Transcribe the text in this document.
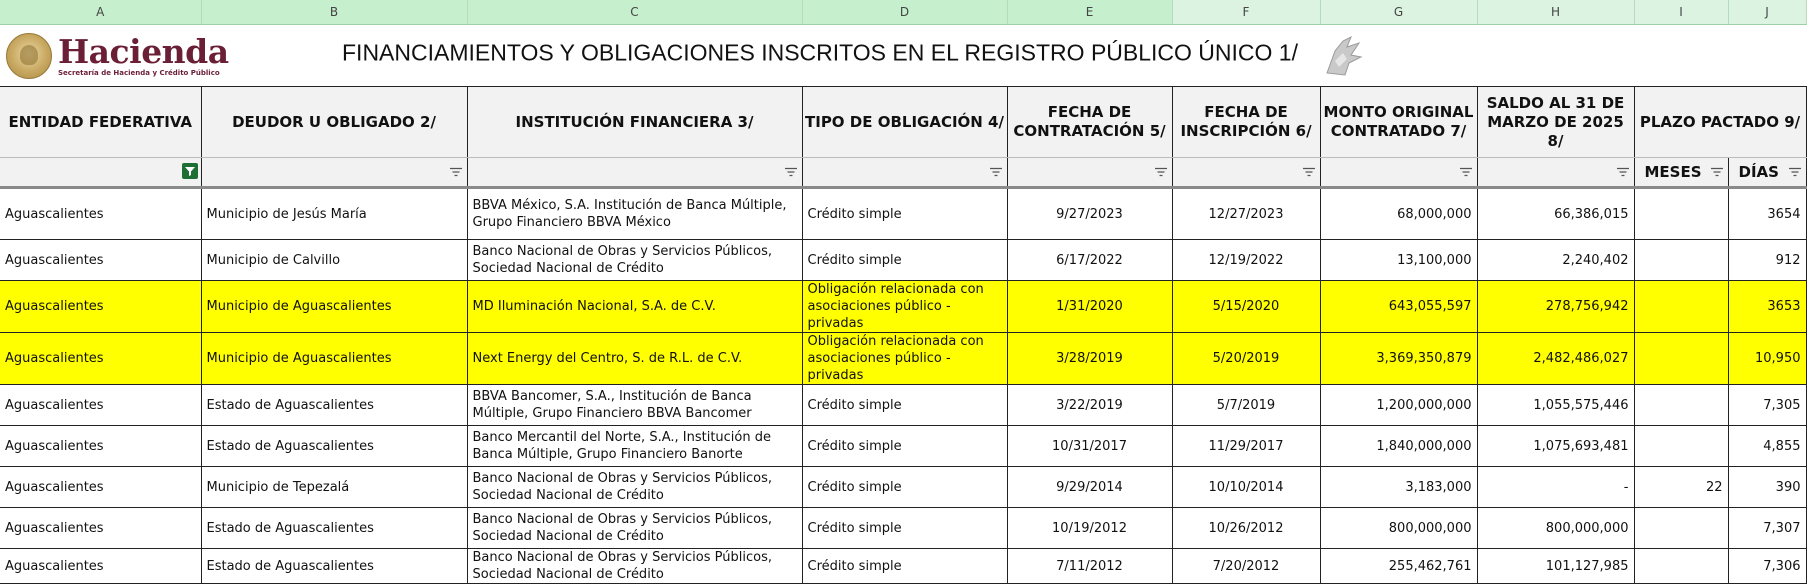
A	B	C	D	E	F	G	H	I	J

Hacienda
Secretaría de Hacienda y Crédito Público		FINANCIAMIENTOS Y OBLIGACIONES INSCRITOS EN EL REGISTRO PÚBLICO ÚNICO 1/							
ENTIDAD FEDERATIVA	DEUDOR U OBLIGADO 2/	INSTITUCIÓN FINANCIERA 3/	TIPO DE OBLIGACIÓN 4/	FECHA DE CONTRATACIÓN 5/	FECHA DE INSCRIPCIÓN 6/	MONTO ORIGINAL CONTRATADO 7/	SALDO AL 31 DE MARZO DE 2025 8/	PLAZO PACTADO 9/	

	MESES	DÍAS

Aguascalientes	Municipio de Jesús María	BBVA México, S.A. Institución de Banca Múltiple, Grupo Financiero BBVA México	Crédito simple	9/27/2023	12/27/2023	68,000,000	66,386,015		3654
Aguascalientes	Municipio de Calvillo	Banco Nacional de Obras y Servicios Públicos, Sociedad Nacional de Crédito	Crédito simple	6/17/2022	12/19/2022	13,100,000	2,240,402		912
Aguascalientes	Municipio de Aguascalientes	MD Iluminación Nacional, S.A. de C.V.	Obligación relacionada con asociaciones público - privadas	1/31/2020	5/15/2020	643,055,597	278,756,942		3653
Aguascalientes	Municipio de Aguascalientes	Next Energy del Centro, S. de R.L. de C.V.	Obligación relacionada con asociaciones público - privadas	3/28/2019	5/20/2019	3,369,350,879	2,482,486,027		10,950
Aguascalientes	Estado de Aguascalientes	BBVA Bancomer, S.A., Institución de Banca Múltiple, Grupo Financiero BBVA Bancomer	Crédito simple	3/22/2019	5/7/2019	1,200,000,000	1,055,575,446		7,305
Aguascalientes	Estado de Aguascalientes	Banco Mercantil del Norte, S.A., Institución de Banca Múltiple, Grupo Financiero Banorte	Crédito simple	10/31/2017	11/29/2017	1,840,000,000	1,075,693,481		4,855
Aguascalientes	Municipio de Tepezalá	Banco Nacional de Obras y Servicios Públicos, Sociedad Nacional de Crédito	Crédito simple	9/29/2014	10/10/2014	3,183,000	-	22	390
Aguascalientes	Estado de Aguascalientes	Banco Nacional de Obras y Servicios Públicos, Sociedad Nacional de Crédito	Crédito simple	10/19/2012	10/26/2012	800,000,000	800,000,000		7,307
Aguascalientes	Estado de Aguascalientes	Banco Nacional de Obras y Servicios Públicos, Sociedad Nacional de Crédito	Crédito simple	7/11/2012	7/20/2012	255,462,761	101,127,985		7,306
